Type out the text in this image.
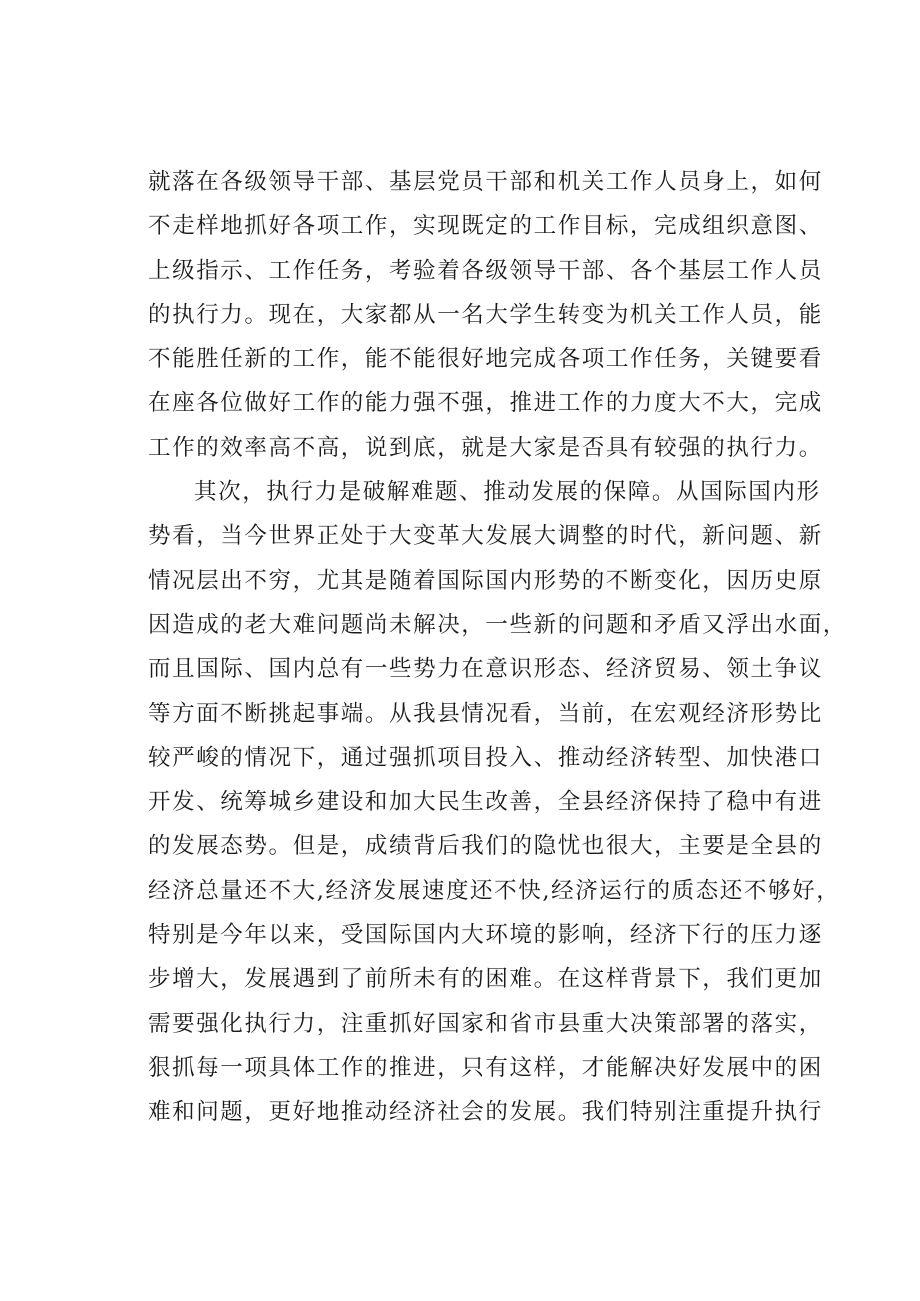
就落在各级领导干部、基层党员干部和机关工作人员身上，如何
不走样地抓好各项工作，实现既定的工作目标，完成组织意图、
上级指示、工作任务，考验着各级领导干部、各个基层工作人员
的执行力。现在，大家都从一名大学生转变为机关工作人员，能
不能胜任新的工作，能不能很好地完成各项工作任务，关键要看
在座各位做好工作的能力强不强，推进工作的力度大不大，完成
工作的效率高不高，说到底，就是大家是否具有较强的执行力。
其次，执行力是破解难题、推动发展的保障。从国际国内形
势看，当今世界正处于大变革大发展大调整的时代，新问题、新
情况层出不穷，尤其是随着国际国内形势的不断变化，因历史原
因造成的老大难问题尚未解决，一些新的问题和矛盾又浮出水面，
而且国际、国内总有一些势力在意识形态、经济贸易、领土争议
等方面不断挑起事端。从我县情况看，当前，在宏观经济形势比
较严峻的情况下，通过强抓项目投入、推动经济转型、加快港口
开发、统筹城乡建设和加大民生改善，全县经济保持了稳中有进
的发展态势。但是，成绩背后我们的隐忧也很大，主要是全县的
经济总量还不大,经济发展速度还不快,经济运行的质态还不够好，
特别是今年以来，受国际国内大环境的影响，经济下行的压力逐
步增大，发展遇到了前所未有的困难。在这样背景下，我们更加
需要强化执行力，注重抓好国家和省市县重大决策部署的落实，
狠抓每一项具体工作的推进，只有这样，才能解决好发展中的困
难和问题，更好地推动经济社会的发展。我们特别注重提升执行
